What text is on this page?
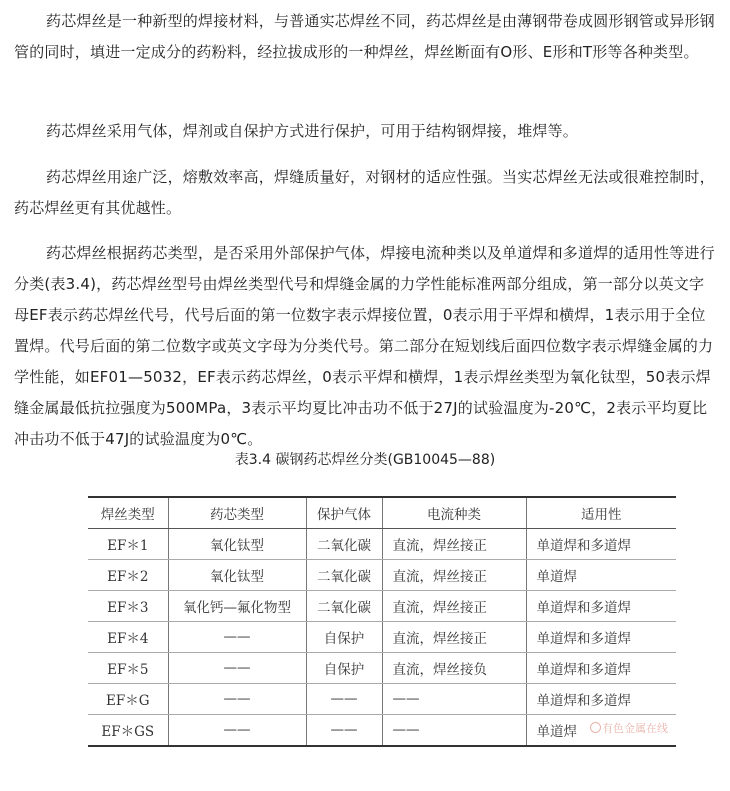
药芯焊丝是一种新型的焊接材料，与普通实芯焊丝不同，药芯焊丝是由薄钢带卷成圆形钢管或异形钢管的同时，填进一定成分的药粉料，经拉拔成形的一种焊丝，焊丝断面有O形、E形和T形等各种类型。

药芯焊丝采用气体，焊剂或自保护方式进行保护，可用于结构钢焊接，堆焊等。

药芯焊丝用途广泛，熔敷效率高，焊缝质量好，对钢材的适应性强。当实芯焊丝无法或很难控制时，药芯焊丝更有其优越性。

药芯焊丝根据药芯类型，是否采用外部保护气体，焊接电流种类以及单道焊和多道焊的适用性等进行分类(表3.4)，药芯焊丝型号由焊丝类型代号和焊缝金属的力学性能标准两部分组成，第一部分以英文字母EF表示药芯焊丝代号，代号后面的第一位数字表示焊接位置，0表示用于平焊和横焊，1表示用于全位置焊。代号后面的第二位数字或英文字母为分类代号。第二部分在短划线后面四位数字表示焊缝金属的力学性能，如EF01—5032，EF表示药芯焊丝，0表示平焊和横焊，1表示焊丝类型为氧化钛型，50表示焊缝金属最低抗拉强度为500MPa，3表示平均夏比冲击功不低于27J的试验温度为-20℃，2表示平均夏比冲击功不低于47J的试验温度为0℃。

表3.4 碳钢药芯焊丝分类(GB10045—88)
焊丝类型	药芯类型	保护气体	电流种类	适用性
EF＊1	氧化钛型	二氧化碳	直流，焊丝接正	单道焊和多道焊
EF＊2	氧化钛型	二氧化碳	直流，焊丝接正	单道焊
EF＊3	氧化钙—氟化物型	二氧化碳	直流，焊丝接正	单道焊和多道焊
EF＊4	——	自保护	直流，焊丝接正	单道焊和多道焊
EF＊5	——	自保护	直流，焊丝接负	单道焊和多道焊
EF＊G	——	——	——	单道焊和多道焊
EF＊GS	——	——	——	单道焊	有色金属在线
